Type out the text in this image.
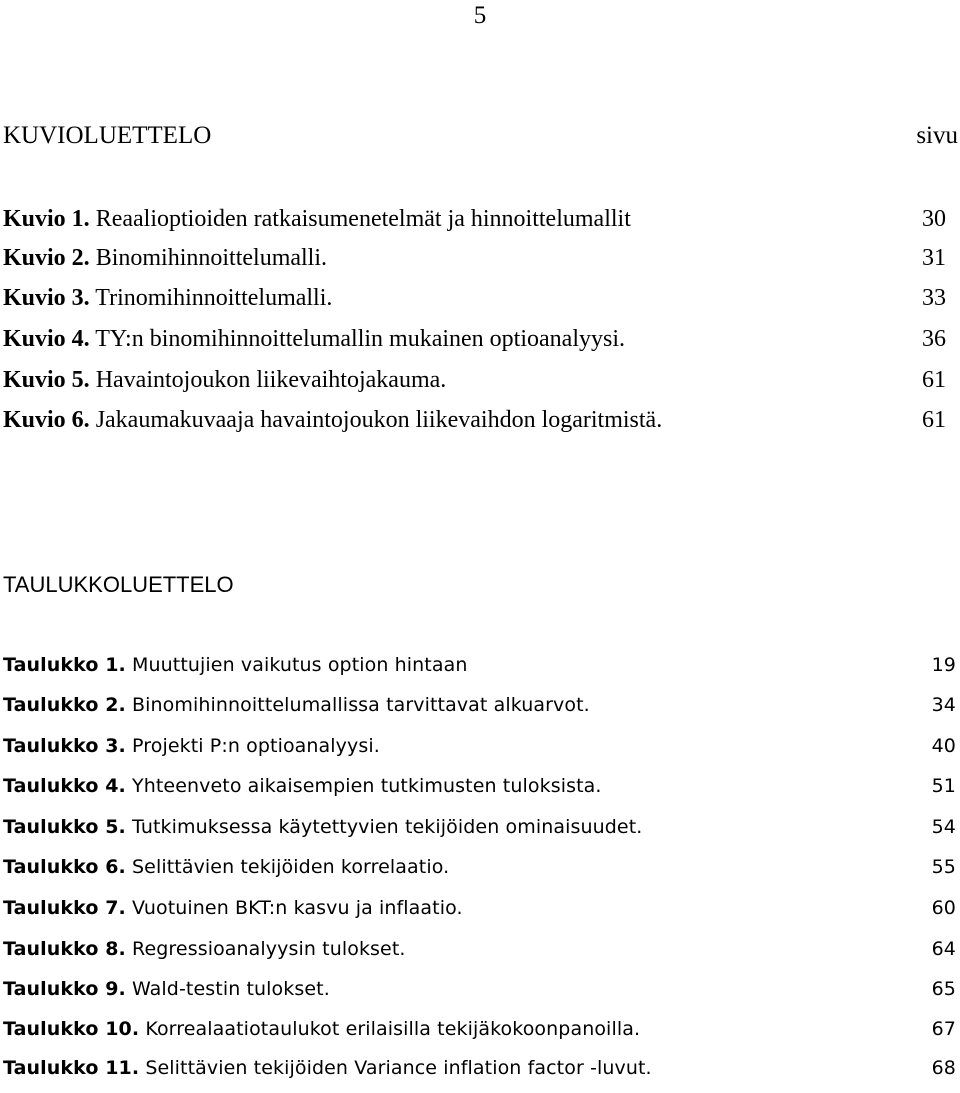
5
KUVIOLUETTELO	sivu
Kuvio 1. Reaalioptioiden ratkaisumenetelmät ja hinnoittelumallit	30
Kuvio 2. Binomihinnoittelumalli.	31
Kuvio 3. Trinomihinnoittelumalli.	33
Kuvio 4. TY:n binomihinnoittelumallin mukainen optioanalyysi.	36
Kuvio 5. Havaintojoukon liikevaihtojakauma.	61
Kuvio 6. Jakaumakuvaaja havaintojoukon liikevaihdon logaritmistä.	61
TAULUKKOLUETTELO
Taulukko 1. Muuttujien vaikutus option hintaan	19
Taulukko 2. Binomihinnoittelumallissa tarvittavat alkuarvot.	34
Taulukko 3. Projekti P:n optioanalyysi.	40
Taulukko 4. Yhteenveto aikaisempien tutkimusten tuloksista.	51
Taulukko 5. Tutkimuksessa käytettyvien tekijöiden ominaisuudet.	54
Taulukko 6. Selittävien tekijöiden korrelaatio.	55
Taulukko 7. Vuotuinen BKT:n kasvu ja inflaatio.	60
Taulukko 8. Regressioanalyysin tulokset.	64
Taulukko 9. Wald-testin tulokset.	65
Taulukko 10. Korrealaatiotaulukot erilaisilla tekijäkokoonpanoilla.	67
Taulukko 11. Selittävien tekijöiden Variance inflation factor -luvut.	68
